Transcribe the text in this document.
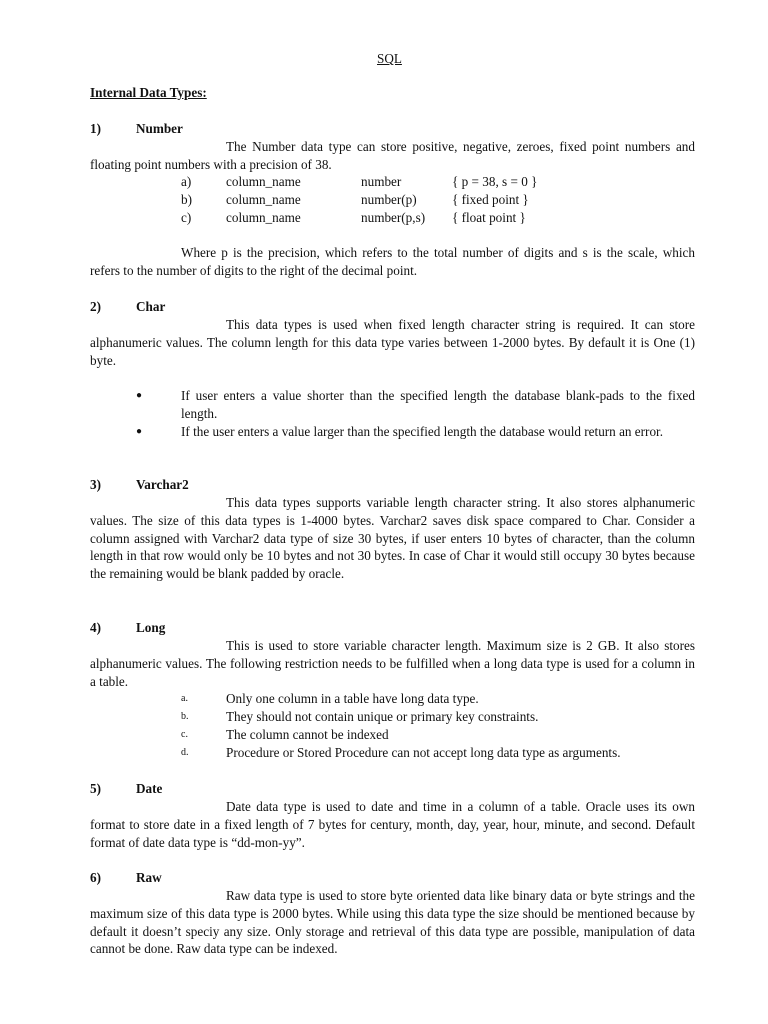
SQL
Internal Data Types:
1)	Number

The Number data type can store positive, negative, zeroes, fixed point numbers and floating point numbers with a precision of 38.

a)	column_name	number	{ p = 38, s = 0 }
b)	column_name	number(p)	{ fixed point }
c)	column_name	number(p,s) { float point }

Where p is the precision, which refers to the total number of digits and s is the scale, which refers to the number of digits to the right of the decimal point.

2)	Char

This data types is used when fixed length character string is required. It can store alphanumeric values. The column length for this data type varies between 1-2000 bytes. By default it is One (1) byte.

●	If user enters a value shorter than the specified length the database blank-pads to the fixed length.
●	If the user enters a value larger than the specified length the database would return an error.
3)	Varchar2

This data types supports variable length character string. It also stores alphanumeric values. The size of this data types is 1-4000 bytes. Varchar2 saves disk space compared to Char. Consider a column assigned with Varchar2 data type of size 30 bytes, if user enters 10 bytes of character, than the column length in that row would only be 10 bytes and not 30 bytes. In case of Char it would still occupy 30 bytes because the remaining would be blank padded by oracle.

4)	Long

This is used to store variable character length. Maximum size is 2 GB. It also stores alphanumeric values. The following restriction needs to be fulfilled when a long data type is used for a column in a table.

a.	Only one column in a table have long data type.
b.	They should not contain unique or primary key constraints.
c.	The column cannot be indexed
d.	Procedure or Stored Procedure can not accept long data type as arguments.
5)	Date

Date data type is used to date and time in a column of a table. Oracle uses its own format to store date in a fixed length of 7 bytes for century, month, day, year, hour, minute, and second. Default format of date data type is “dd-mon-yy”.

6)	Raw

Raw data type is used to store byte oriented data like binary data or byte strings and the maximum size of this data type is 2000 bytes. While using this data type the size should be mentioned because by default it doesn’t speciy any size. Only storage and retrieval of this data type are possible, manipulation of data cannot be done. Raw data type can be indexed.
